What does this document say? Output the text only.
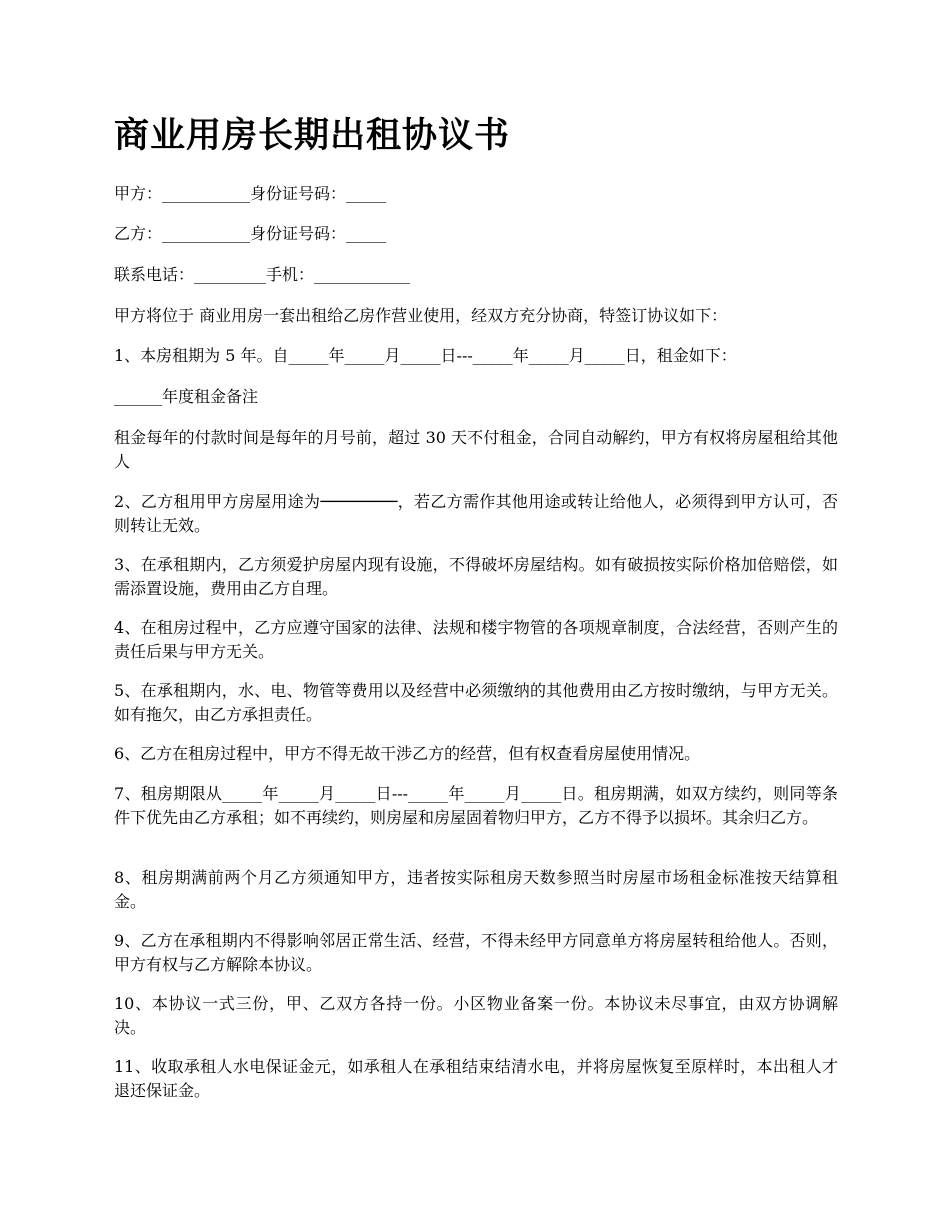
商业用房长期出租协议书

甲方：___________身份证号码：_____

乙方：___________身份证号码：_____

联系电话：_________手机：____________

甲方将位于 商业用房一套出租给乙房作营业使用，经双方充分协商，特签订协议如下：

1、本房租期为 5 年。自_____年_____月_____日---_____年_____月_____日，租金如下：

______年度租金备注

租金每年的付款时间是每年的月号前，超过 30 天不付租金，合同自动解约，甲方有权将房屋租给其他人

2、乙方租用甲方房屋用途为────────，若乙方需作其他用途或转让给他人，必须得到甲方认可，否则转让无效。

3、在承租期内，乙方须爱护房屋内现有设施，不得破坏房屋结构。如有破损按实际价格加倍赔偿，如需添置设施，费用由乙方自理。

4、在租房过程中，乙方应遵守国家的法律、法规和楼宇物管的各项规章制度，合法经营，否则产生的责任后果与甲方无关。

5、在承租期内，水、电、物管等费用以及经营中必须缴纳的其他费用由乙方按时缴纳，与甲方无关。如有拖欠，由乙方承担责任。

6、乙方在租房过程中，甲方不得无故干涉乙方的经营，但有权查看房屋使用情况。

7、租房期限从_____年_____月_____日---_____年_____月_____日。租房期满，如双方续约，则同等条件下优先由乙方承租；如不再续约，则房屋和房屋固着物归甲方，乙方不得予以损坏。其余归乙方。

8、租房期满前两个月乙方须通知甲方，违者按实际租房天数参照当时房屋市场租金标准按天结算租金。

9、乙方在承租期内不得影响邻居正常生活、经营，不得未经甲方同意单方将房屋转租给他人。否则，甲方有权与乙方解除本协议。

10、本协议一式三份，甲、乙双方各持一份。小区物业备案一份。本协议未尽事宜，由双方协调解决。

11、收取承租人水电保证金元，如承租人在承租结束结清水电，并将房屋恢复至原样时，本出租人才退还保证金。
